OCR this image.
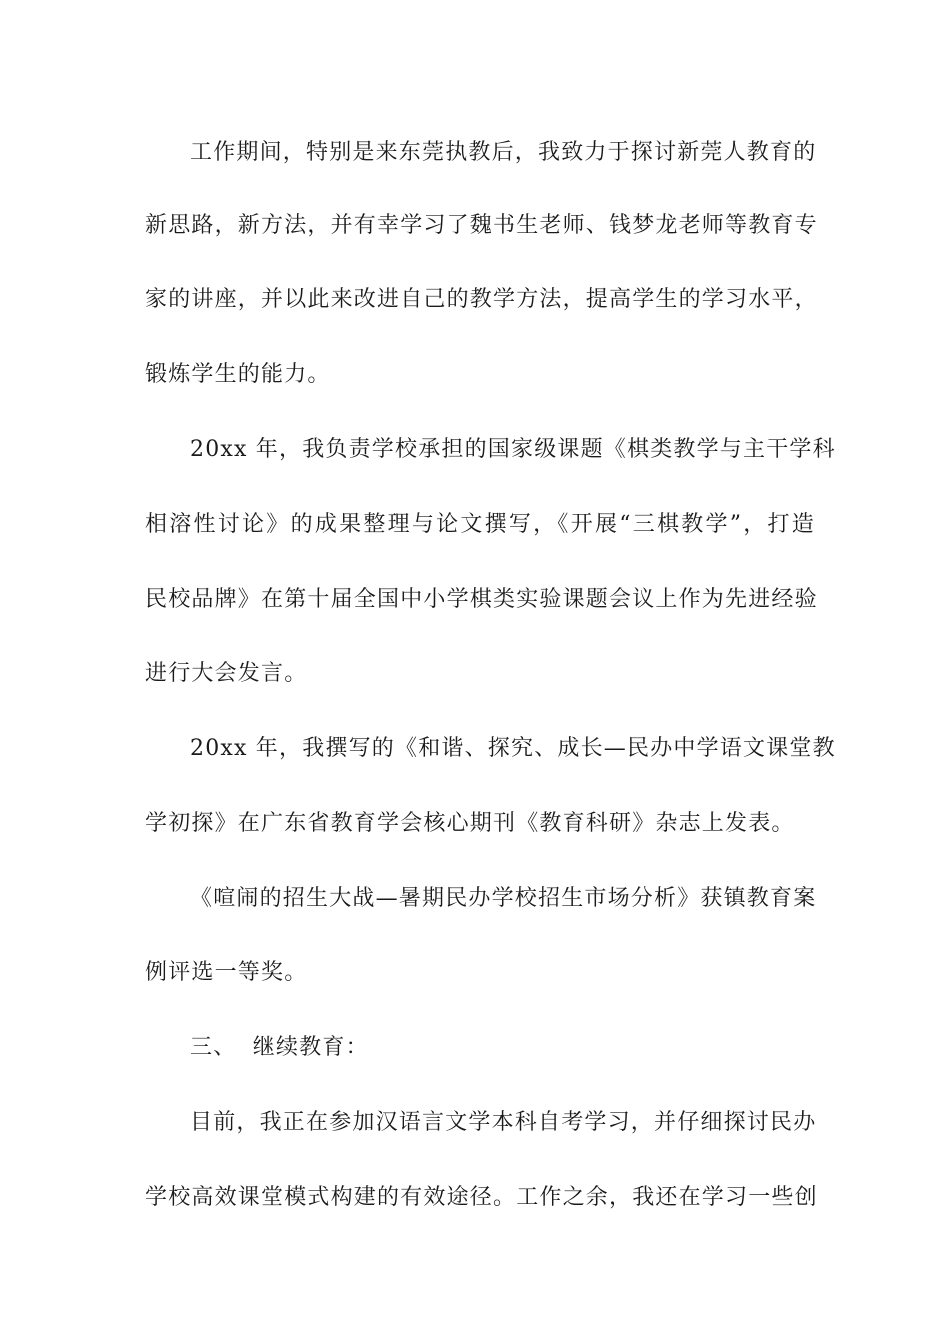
工作期间，特别是来东莞执教后，我致力于探讨新莞人教育的
新思路，新方法，并有幸学习了魏书生老师、钱梦龙老师等教育专
家的讲座，并以此来改进自己的教学方法，提高学生的学习水平，
锻炼学生的能力。
20xx 年，我负责学校承担的国家级课题《棋类教学与主干学科
相溶性讨论》的成果整理与论文撰写，《开展“三棋教学”，打造
民校品牌》在第十届全国中小学棋类实验课题会议上作为先进经验
进行大会发言。
20xx 年，我撰写的《和谐、探究、成长—民办中学语文课堂教
学初探》在广东省教育学会核心期刊《教育科研》杂志上发表。
《喧闹的招生大战—暑期民办学校招生市场分析》获镇教育案
例评选一等奖。
三、  继续教育：
目前，我正在参加汉语言文学本科自考学习，并仔细探讨民办
学校高效课堂模式构建的有效途径。工作之余，我还在学习一些创
